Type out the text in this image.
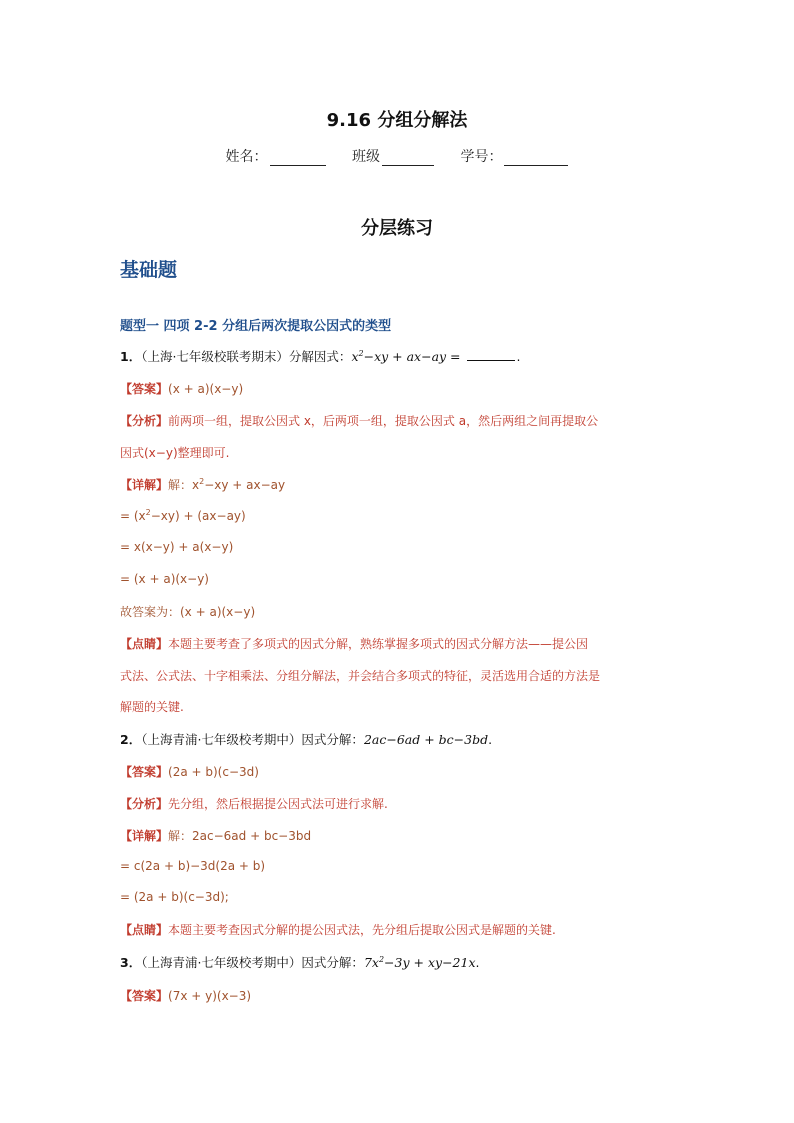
9.16 分组分解法
姓名：	班级	学号：
分层练习
基础题
题型一 四项 2-2 分组后两次提取公因式的类型
1．（上海·七年级校联考期末）分解因式：$x^2-xy + ax-ay$ =	.
【答案】(x + a)(x−y)
【分析】前两项一组，提取公因式 x，后两项一组，提取公因式 a，然后两组之间再提取公
因式(x−y)整理即可.
【详解】解：$x^2-xy + ax-ay$
= $(x^2-xy) + (ax-ay)$
= x(x−y) + a(x−y)
= (x + a)(x−y)
故答案为：(x + a)(x−y)
【点睛】本题主要考查了多项式的因式分解，熟练掌握多项式的因式分解方法——提公因
式法、公式法、十字相乘法、分组分解法，并会结合多项式的特征，灵活选用合适的方法是
解题的关键.
2．（上海青浦·七年级校考期中）因式分解：2ac−6ad + bc−3bd.
【答案】(2a + b)(c−3d)
【分析】先分组，然后根据提公因式法可进行求解.
【详解】解：2ac−6ad + bc−3bd
= c(2a + b)−3d(2a + b)
= (2a + b)(c−3d);
【点睛】本题主要考查因式分解的提公因式法，先分组后提取公因式是解题的关键.
3．（上海青浦·七年级校考期中）因式分解：$7x^2-3y + xy-21x$.
【答案】(7x + y)(x−3)
